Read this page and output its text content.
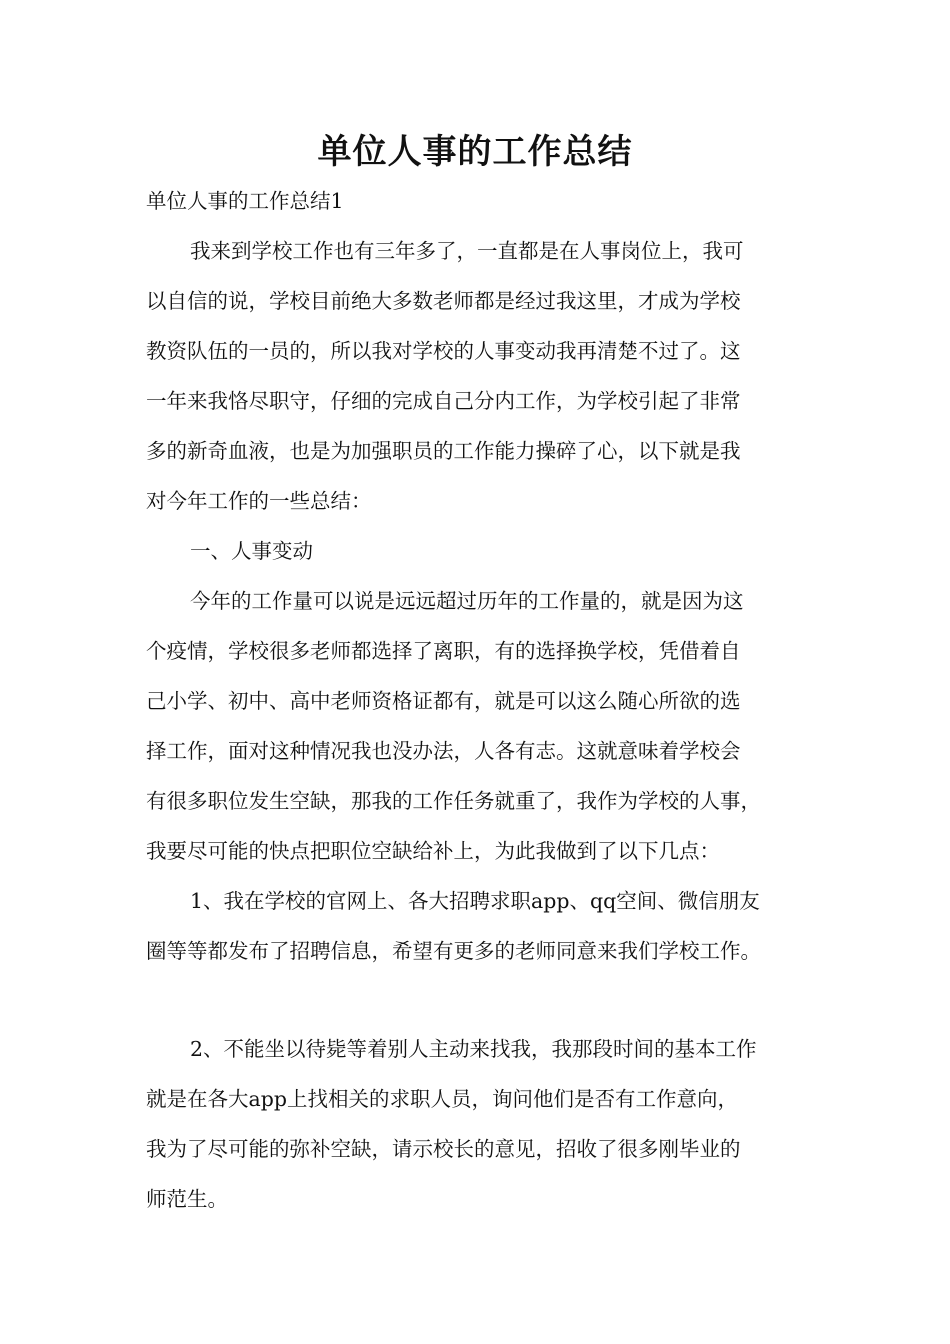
单位人事的工作总结
单位人事的工作总结1
我来到学校工作也有三年多了，一直都是在人事岗位上，我可
以自信的说，学校目前绝大多数老师都是经过我这里，才成为学校
教资队伍的一员的，所以我对学校的人事变动我再清楚不过了。这
一年来我恪尽职守，仔细的完成自己分内工作，为学校引起了非常
多的新奇血液，也是为加强职员的工作能力操碎了心，以下就是我
对今年工作的一些总结：
一、人事变动
今年的工作量可以说是远远超过历年的工作量的，就是因为这
个疫情，学校很多老师都选择了离职，有的选择换学校，凭借着自
己小学、初中、高中老师资格证都有，就是可以这么随心所欲的选
择工作，面对这种情况我也没办法，人各有志。这就意味着学校会
有很多职位发生空缺，那我的工作任务就重了，我作为学校的人事，
我要尽可能的快点把职位空缺给补上，为此我做到了以下几点：
1、我在学校的官网上、各大招聘求职app、qq空间、微信朋友
圈等等都发布了招聘信息，希望有更多的老师同意来我们学校工作。
2、不能坐以待毙等着别人主动来找我，我那段时间的基本工作
就是在各大app上找相关的求职人员，询问他们是否有工作意向，
我为了尽可能的弥补空缺，请示校长的意见，招收了很多刚毕业的
师范生。
